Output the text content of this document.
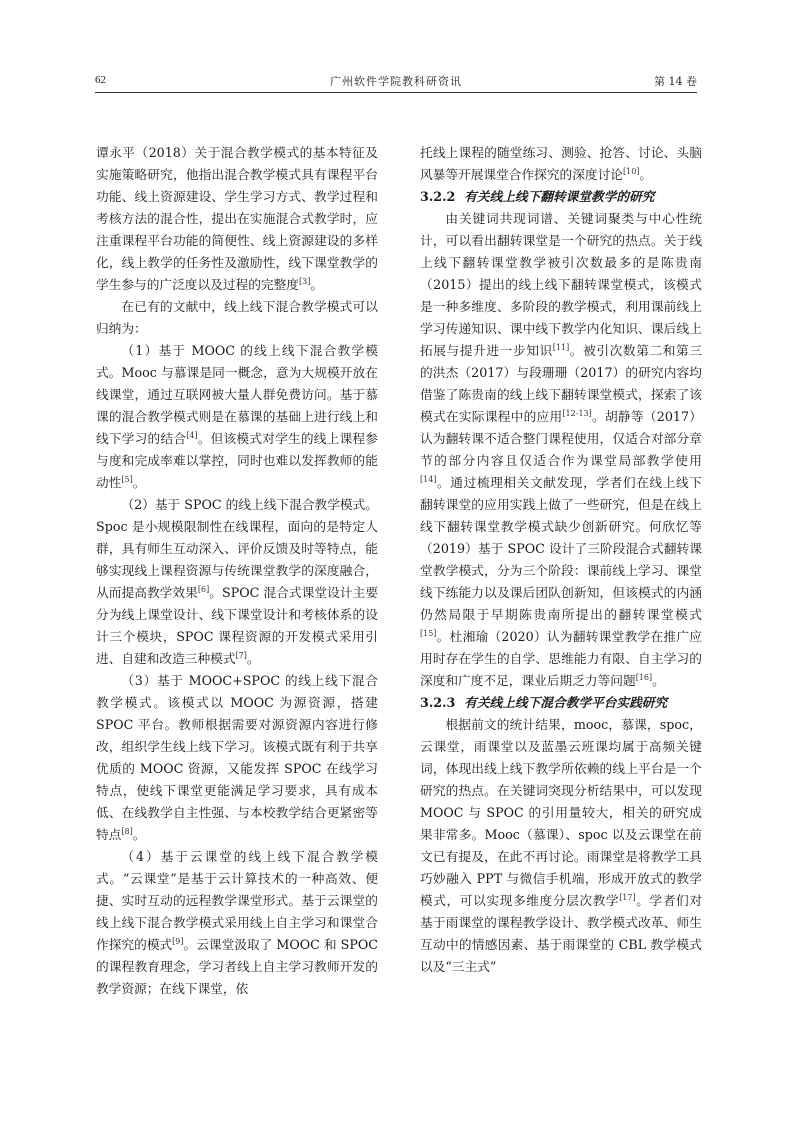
62	广州软件学院教科研资讯	第 14 卷

谭永平（2018）关于混合教学模式的基本特征及实施策略研究，他指出混合教学模式具有课程平台功能、线上资源建设、学生学习方式、教学过程和考核方法的混合性，提出在实施混合式教学时，应注重课程平台功能的简便性、线上资源建设的多样化，线上教学的任务性及激励性，线下课堂教学的学生参与的广泛度以及过程的完整度[3]。

在已有的文献中，线上线下混合教学模式可以归纳为：

（1）基于 MOOC 的线上线下混合教学模式。Mooc 与慕课是同一概念，意为大规模开放在线课堂，通过互联网被大量人群免费访问。基于慕课的混合教学模式则是在慕课的基础上进行线上和线下学习的结合[4]。但该模式对学生的线上课程参与度和完成率难以掌控，同时也难以发挥教师的能动性[5]。

（2）基于 SPOC 的线上线下混合教学模式。Spoc 是小规模限制性在线课程，面向的是特定人群，具有师生互动深入、评价反馈及时等特点，能够实现线上课程资源与传统课堂教学的深度融合，从而提高教学效果[6]。SPOC 混合式课堂设计主要分为线上课堂设计、线下课堂设计和考核体系的设计三个模块，SPOC 课程资源的开发模式采用引进、自建和改造三种模式[7]。

（3）基于 MOOC+SPOC 的线上线下混合教学模式。该模式以 MOOC 为源资源，搭建 SPOC 平台。教师根据需要对源资源内容进行修改，组织学生线上线下学习。该模式既有利于共享优质的 MOOC 资源，又能发挥 SPOC 在线学习特点，使线下课堂更能满足学习要求，具有成本低、在线教学自主性强、与本校教学结合更紧密等特点[8]。

（4）基于云课堂的线上线下混合教学模式。“云课堂”是基于云计算技术的一种高效、便捷、实时互动的远程教学课堂形式。基于云课堂的线上线下混合教学模式采用线上自主学习和课堂合作探究的模式[9]。云课堂汲取了 MOOC 和 SPOC 的课程教育理念，学习者线上自主学习教师开发的教学资源；在线下课堂，依

托线上课程的随堂练习、测验、抢答、讨论、头脑风暴等开展课堂合作探究的深度讨论[10]。

3.2.2 有关线上线下翻转课堂教学的研究

由关键词共现词谱、关键词聚类与中心性统计，可以看出翻转课堂是一个研究的热点。关于线上线下翻转课堂教学被引次数最多的是陈贵南（2015）提出的线上线下翻转课堂模式，该模式是一种多维度、多阶段的教学模式，利用课前线上学习传递知识、课中线下教学内化知识、课后线上拓展与提升进一步知识[11]。被引次数第二和第三的洪杰（2017）与段珊珊（2017）的研究内容均借鉴了陈贵南的线上线下翻转课堂模式，探索了该模式在实际课程中的应用[12-13]。胡静等（2017）认为翻转课不适合整门课程使用，仅适合对部分章节的部分内容且仅适合作为课堂局部教学使用[14]。通过梳理相关文献发现，学者们在线上线下翻转课堂的应用实践上做了一些研究，但是在线上线下翻转课堂教学模式缺少创新研究。何欣忆等（2019）基于 SPOC 设计了三阶段混合式翻转课堂教学模式，分为三个阶段：课前线上学习、课堂线下练能力以及课后团队创新知，但该模式的内涵仍然局限于早期陈贵南所提出的翻转课堂模式[15]。杜湘瑜（2020）认为翻转课堂教学在推广应用时存在学生的自学、思维能力有限、自主学习的深度和广度不足，课业后期乏力等问题[16]。

3.2.3 有关线上线下混合教学平台实践研究

根据前文的统计结果，mooc，慕课，spoc，云课堂，雨课堂以及蓝墨云班课均属于高频关键词，体现出线上线下教学所依赖的线上平台是一个研究的热点。在关键词突现分析结果中，可以发现 MOOC 与 SPOC 的引用量较大，相关的研究成果非常多。Mooc（慕课）、spoc 以及云课堂在前文已有提及，在此不再讨论。雨课堂是将教学工具巧妙融入 PPT 与微信手机端，形成开放式的教学模式，可以实现多维度分层次教学[17]。学者们对基于雨课堂的课程教学设计、教学模式改革、师生互动中的情感因素、基于雨课堂的 CBL 教学模式以及“三主式”
